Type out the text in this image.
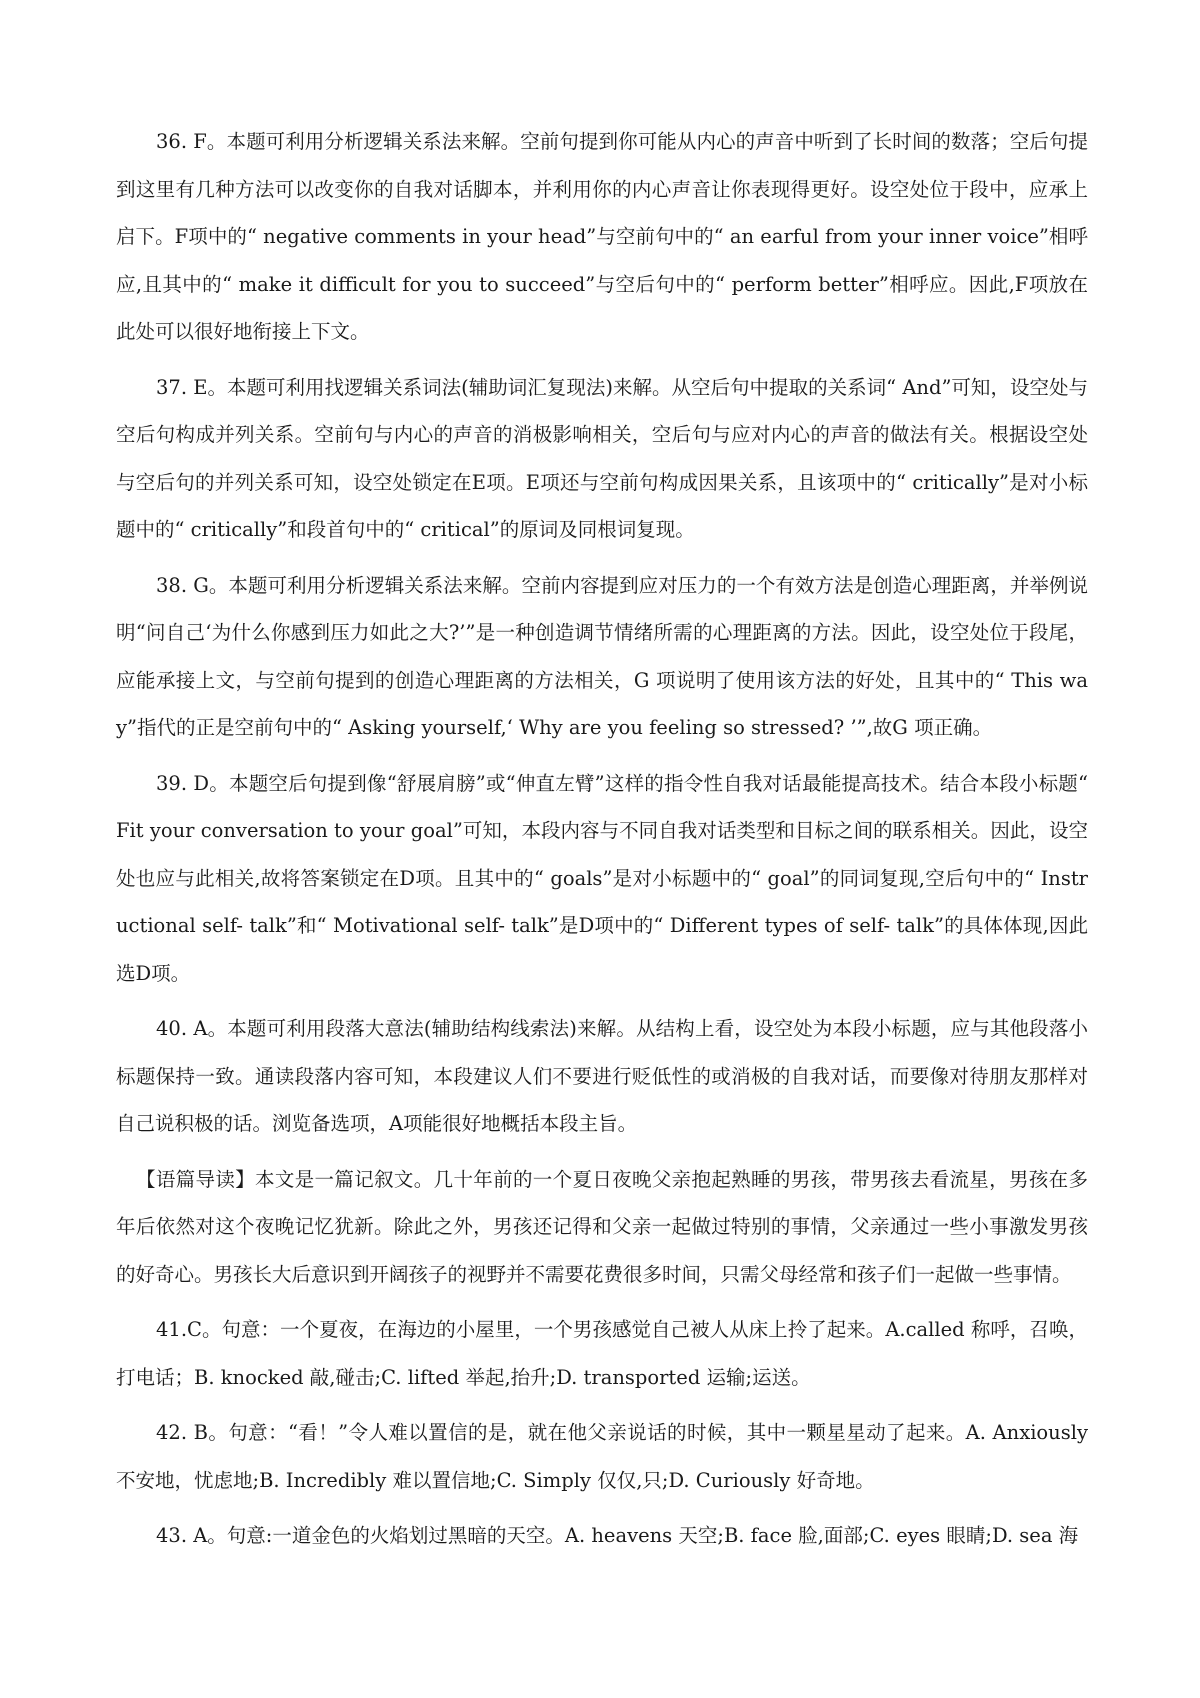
36. F。本题可利用分析逻辑关系法来解。空前句提到你可能从内心的声音中听到了长时间的数落；空后句提到这里有几种方法可以改变你的自我对话脚本，并利用你的内心声音让你表现得更好。设空处位于段中，应承上启下。F项中的“ negative comments in your head”与空前句中的“ an earful from your inner voice”相呼应,且其中的“ make it difficult for you to succeed”与空后句中的“ perform better”相呼应。因此,F项放在此处可以很好地衔接上下文。

37. E。本题可利用找逻辑关系词法(辅助词汇复现法)来解。从空后句中提取的关系词“ And”可知，设空处与空后句构成并列关系。空前句与内心的声音的消极影响相关，空后句与应对内心的声音的做法有关。根据设空处与空后句的并列关系可知，设空处锁定在E项。E项还与空前句构成因果关系，且该项中的“ critically”是对小标题中的“ critically”和段首句中的“ critical”的原词及同根词复现。

38. G。本题可利用分析逻辑关系法来解。空前内容提到应对压力的一个有效方法是创造心理距离，并举例说明“问自己‘为什么你感到压力如此之大?’”是一种创造调节情绪所需的心理距离的方法。因此，设空处位于段尾，应能承接上文，与空前句提到的创造心理距离的方法相关，G 项说明了使用该方法的好处，且其中的“ This way”指代的正是空前句中的“ Asking yourself,‘ Why are you feeling so stressed? ’”,故G 项正确。

39. D。本题空后句提到像“舒展肩膀”或“伸直左臂”这样的指令性自我对话最能提高技术。结合本段小标题“ Fit your conversation to your goal”可知，本段内容与不同自我对话类型和目标之间的联系相关。因此，设空处也应与此相关,故将答案锁定在D项。且其中的“ goals”是对小标题中的“ goal”的同词复现,空后句中的“ Instructional self- talk”和“ Motivational self- talk”是D项中的“ Different types of self- talk”的具体体现,因此选D项。

40. A。本题可利用段落大意法(辅助结构线索法)来解。从结构上看，设空处为本段小标题，应与其他段落小标题保持一致。通读段落内容可知，本段建议人们不要进行贬低性的或消极的自我对话，而要像对待朋友那样对自己说积极的话。浏览备选项，A项能很好地概括本段主旨。

【语篇导读】本文是一篇记叙文。几十年前的一个夏日夜晚父亲抱起熟睡的男孩，带男孩去看流星，男孩在多年后依然对这个夜晚记忆犹新。除此之外，男孩还记得和父亲一起做过特别的事情，父亲通过一些小事激发男孩的好奇心。男孩长大后意识到开阔孩子的视野并不需要花费很多时间，只需父母经常和孩子们一起做一些事情。

41.C。句意：一个夏夜，在海边的小屋里，一个男孩感觉自己被人从床上拎了起来。A.called 称呼，召唤，打电话；B. knocked 敲,碰击;C. lifted 举起,抬升;D. transported 运输;运送。

42. B。句意：“看！”令人难以置信的是，就在他父亲说话的时候，其中一颗星星动了起来。A. Anxiously 不安地，忧虑地;B. Incredibly 难以置信地;C. Simply 仅仅,只;D. Curiously 好奇地。

43. A。句意:一道金色的火焰划过黑暗的天空。A. heavens 天空;B. face 脸,面部;C. eyes 眼睛;D. sea 海
